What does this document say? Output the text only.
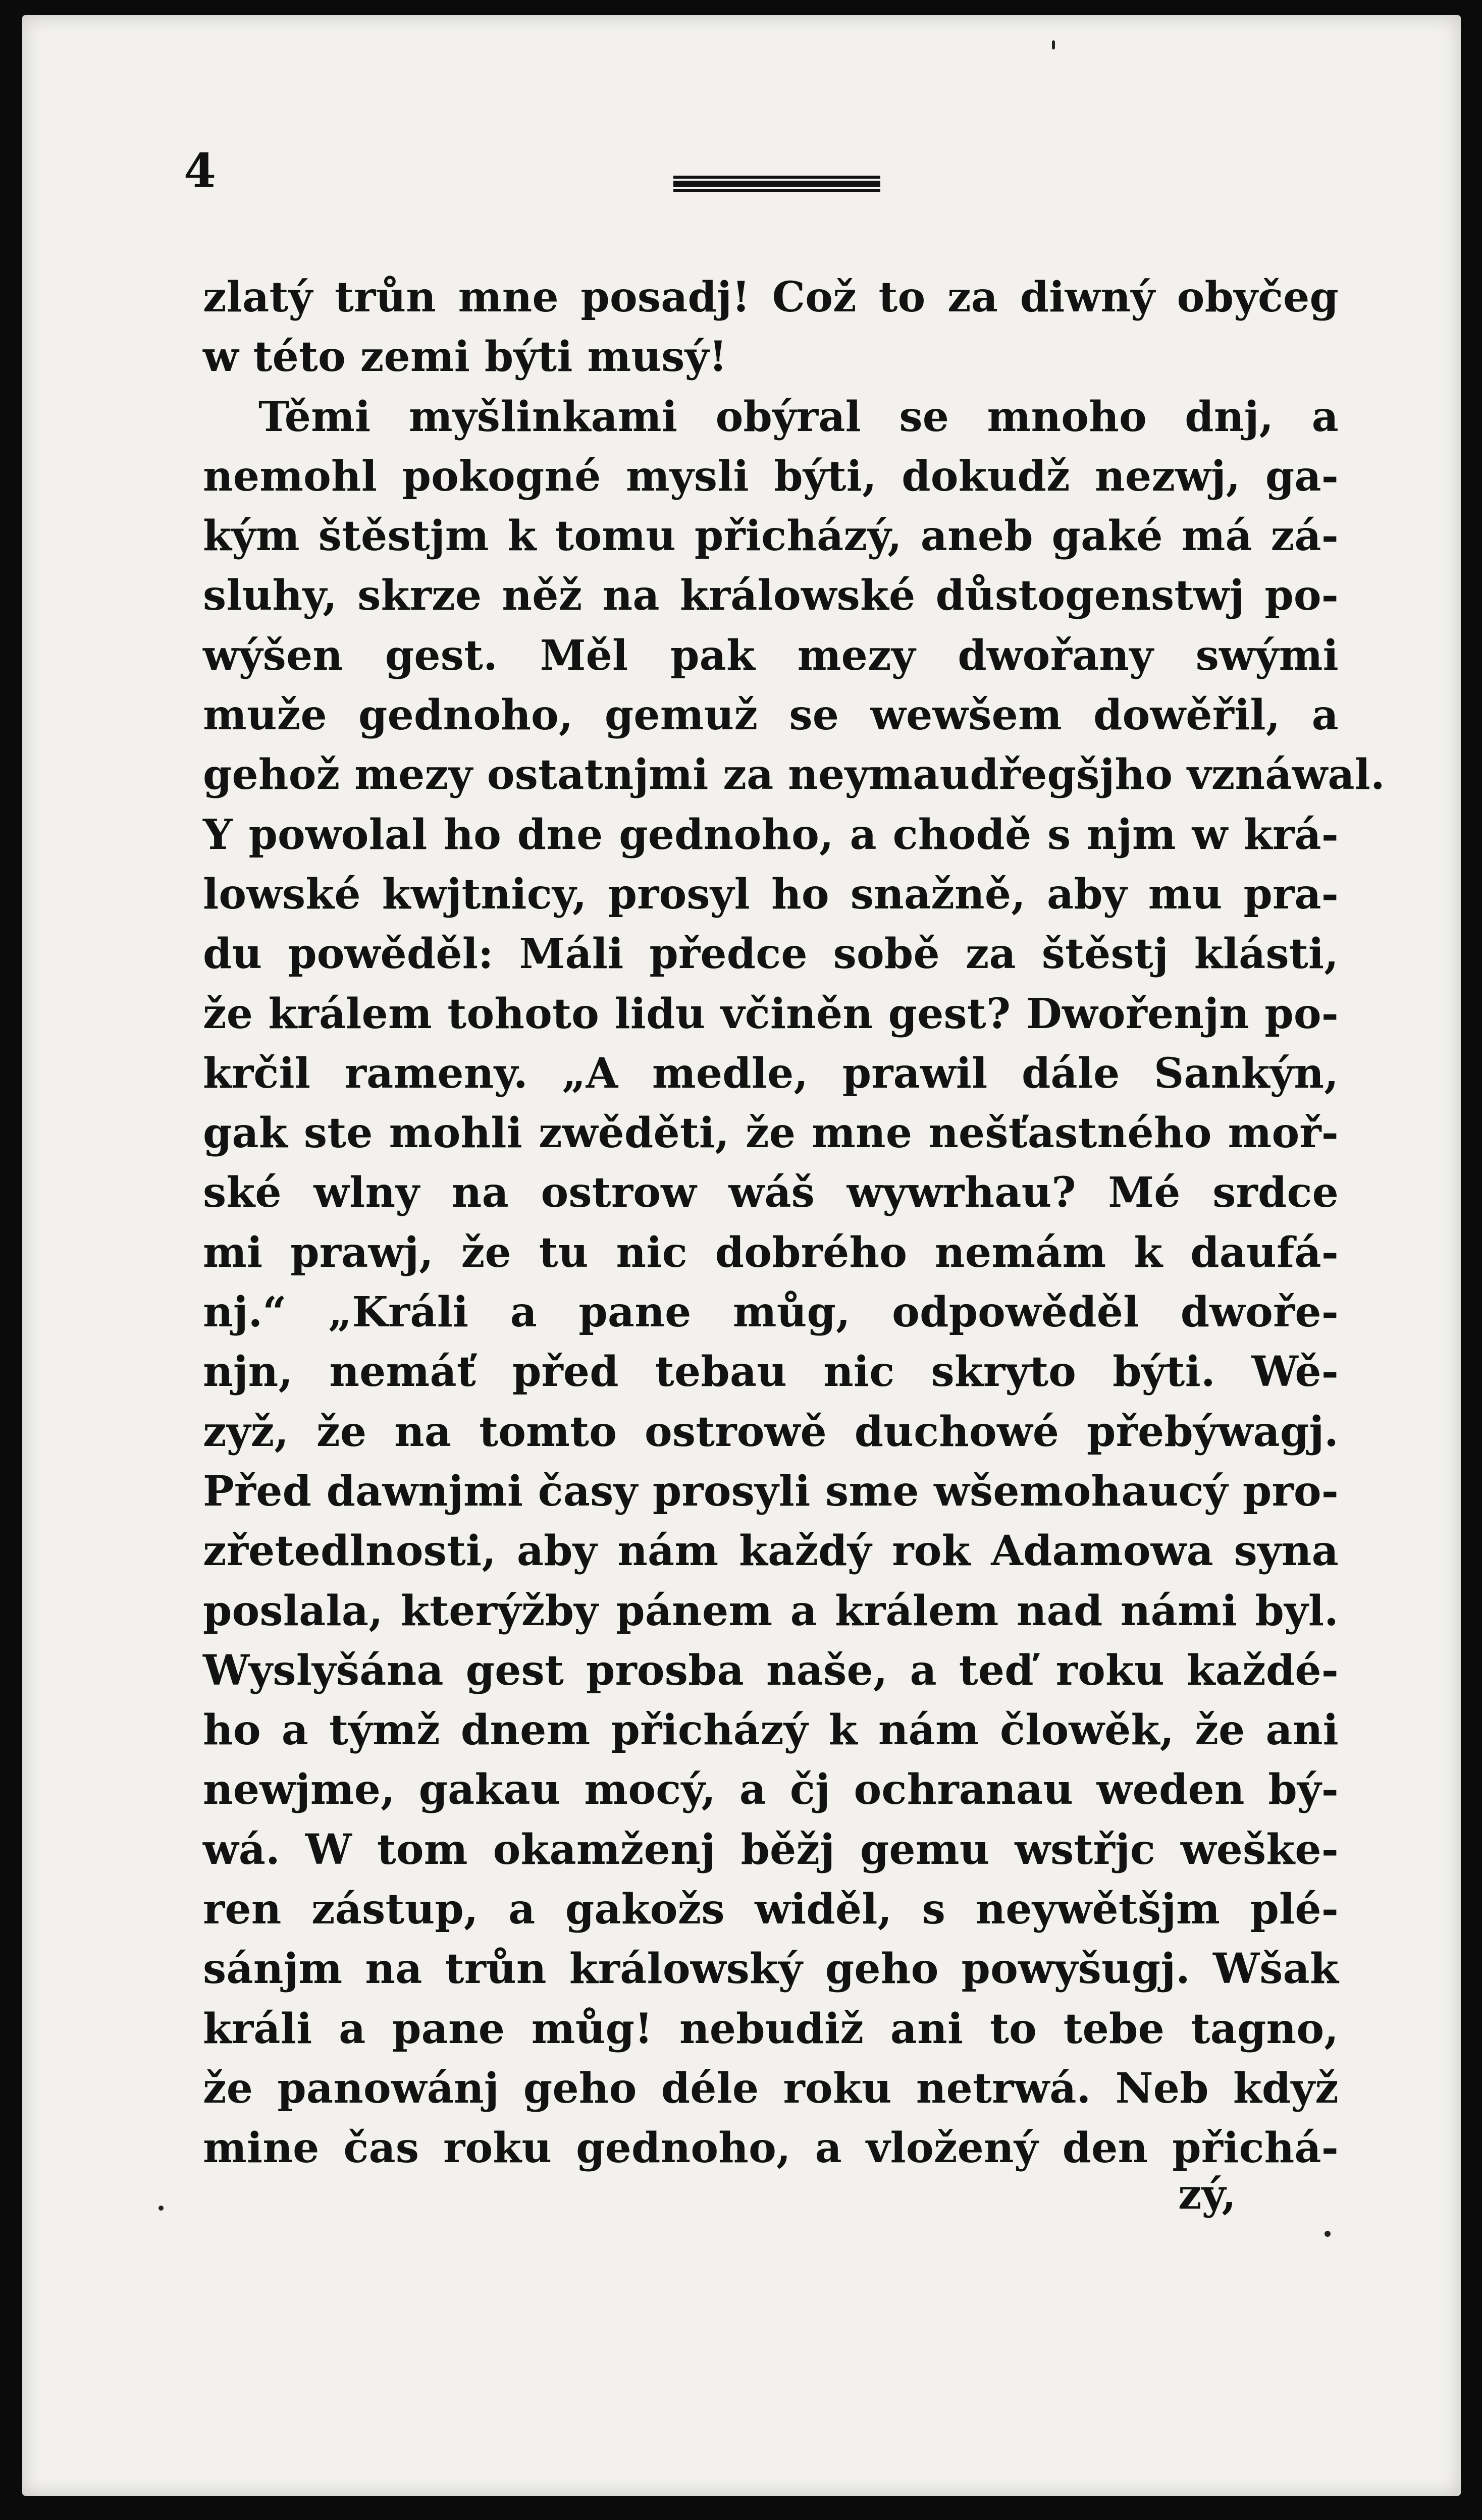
4
zlatý trůn mne posadj! Což to za diwný obyčeg
w této zemi býti musý!
Těmi myšlinkami obýral se mnoho dnj, a
nemohl pokogné mysli býti, dokudž nezwj, ga-
kým štěstjm k tomu přicházý, aneb gaké má zá-
sluhy, skrze něž na králowské důstogenstwj po-
wýšen gest. Měl pak mezy dwořany swými
muže gednoho, gemuž se wewšem dowěřil, a
gehož mezy ostatnjmi za neymaudřegšjho vznáwal.
Y powolal ho dne gednoho, a chodě s njm w krá-
lowské kwjtnicy, prosyl ho snažně, aby mu pra-
du powěděl: Máli předce sobě za štěstj klásti,
že králem tohoto lidu včiněn gest? Dwořenjn po-
krčil rameny. „A medle, prawil dále Sankýn,
gak ste mohli zwěděti, že mne nešťastného moř-
ské wlny na ostrow wáš wywrhau? Mé srdce
mi prawj, že tu nic dobrého nemám k daufá-
nj.“ „Králi a pane můg, odpowěděl dwoře-
njn, nemáť před tebau nic skryto býti. Wě-
zyž, že na tomto ostrowě duchowé přebýwagj.
Před dawnjmi časy prosyli sme wšemohaucý pro-
zřetedlnosti, aby nám každý rok Adamowa syna
poslala, kterýžby pánem a králem nad námi byl.
Wyslyšána gest prosba naše, a teď roku každé-
ho a týmž dnem přicházý k nám člowěk, že ani
newjme, gakau mocý, a čj ochranau weden bý-
wá. W tom okamženj běžj gemu wstřjc weške-
ren zástup, a gakožs widěl, s neywětšjm plé-
sánjm na trůn králowský geho powyšugj. Wšak
králi a pane můg! nebudiž ani to tebe tagno,
že panowánj geho déle roku netrwá. Neb když
mine čas roku gednoho, a vložený den přichá-
zý,
